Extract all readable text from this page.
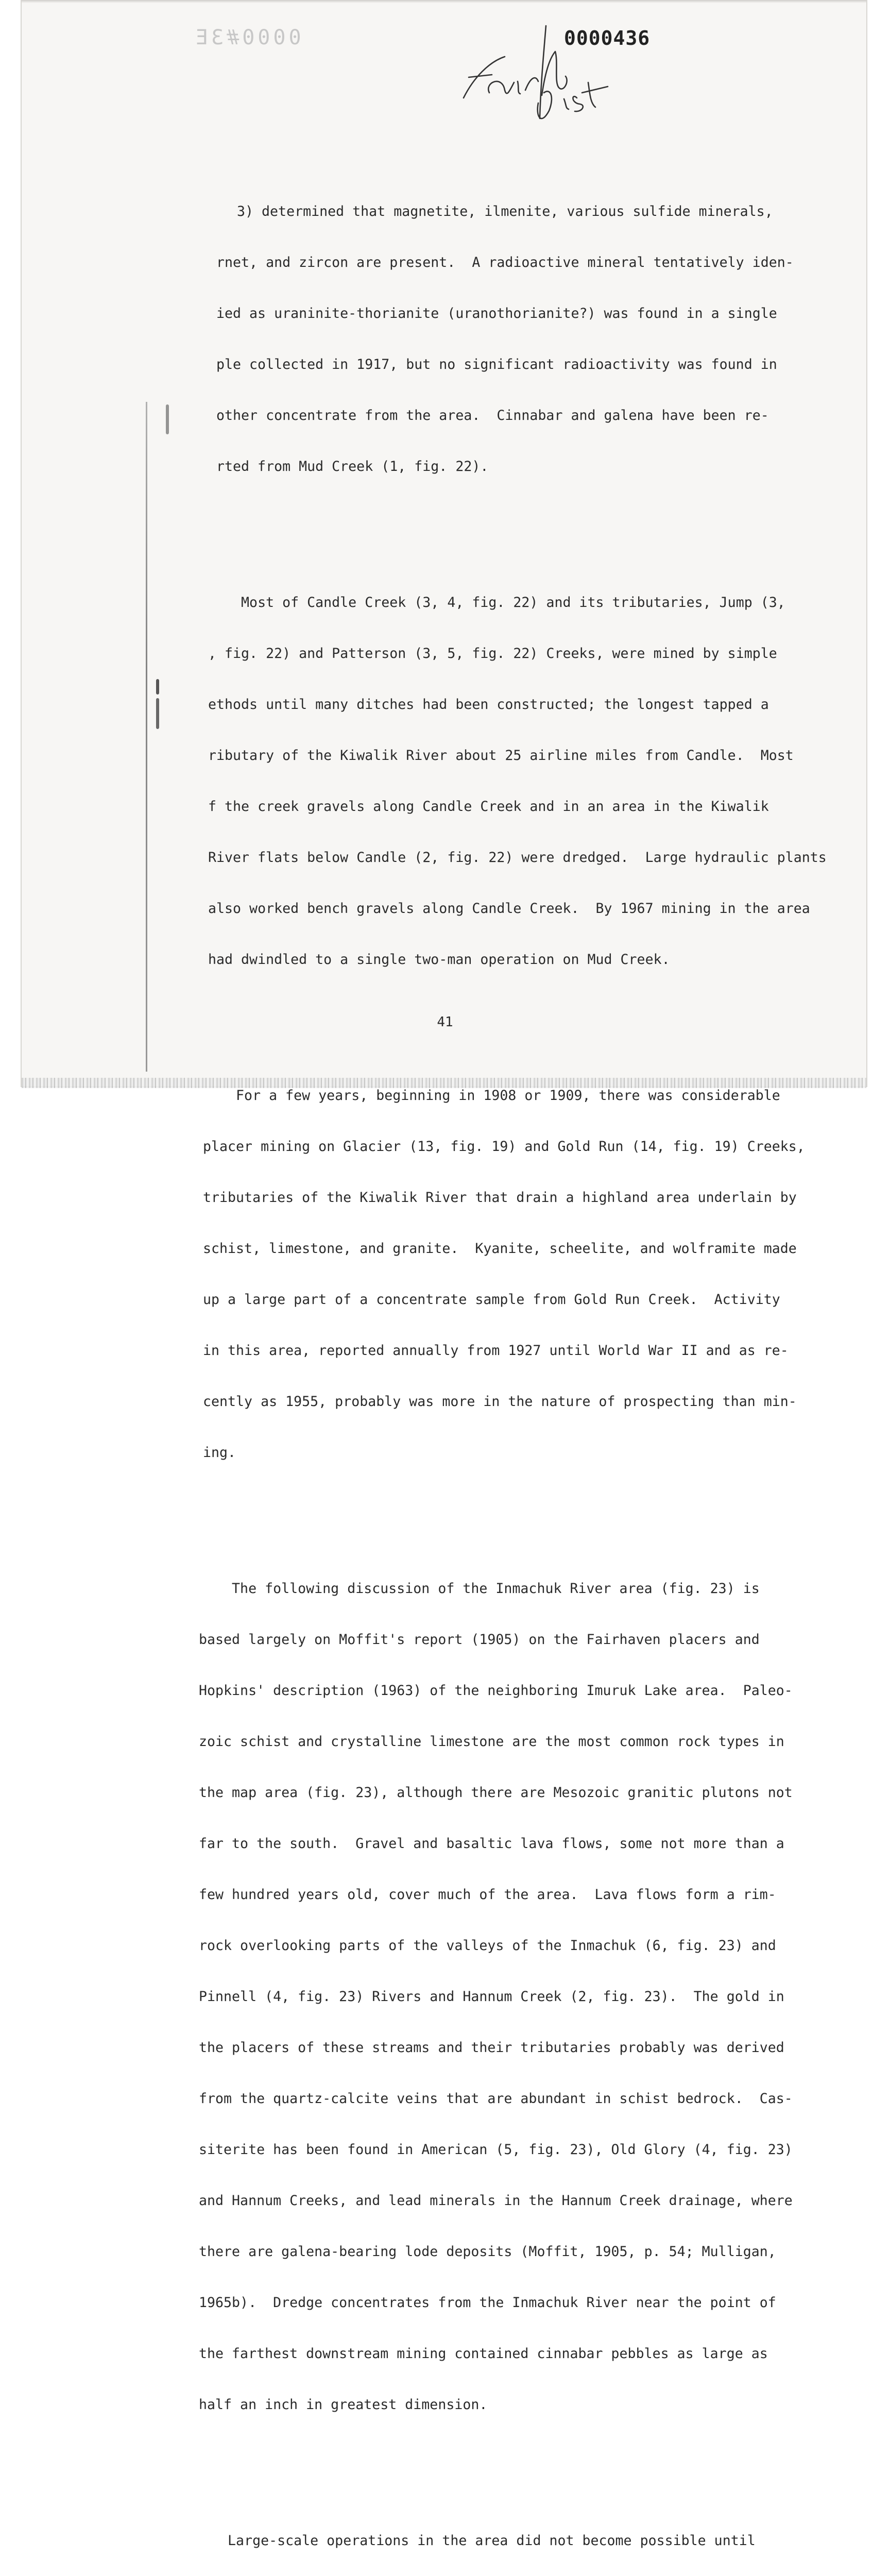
0000#3E	0000436

3) determined that magnetite, ilmenite, various sulfide minerals,

rnet, and zircon are present.  A radioactive mineral tentatively iden-

ied as uraninite-thorianite (uranothorianite?) was found in a single

ple collected in 1917, but no significant radioactivity was found in

other concentrate from the area.  Cinnabar and galena have been re-

rted from Mud Creek (1, fig. 22).

Most of Candle Creek (3, 4, fig. 22) and its tributaries, Jump (3,

, fig. 22) and Patterson (3, 5, fig. 22) Creeks, were mined by simple

ethods until many ditches had been constructed; the longest tapped a

ributary of the Kiwalik River about 25 airline miles from Candle.  Most

f the creek gravels along Candle Creek and in an area in the Kiwalik

River flats below Candle (2, fig. 22) were dredged.  Large hydraulic plants

also worked bench gravels along Candle Creek.  By 1967 mining in the area

had dwindled to a single two-man operation on Mud Creek.

For a few years, beginning in 1908 or 1909, there was considerable

placer mining on Glacier (13, fig. 19) and Gold Run (14, fig. 19) Creeks,

tributaries of the Kiwalik River that drain a highland area underlain by

schist, limestone, and granite.  Kyanite, scheelite, and wolframite made

up a large part of a concentrate sample from Gold Run Creek.  Activity

in this area, reported annually from 1927 until World War II and as re-

cently as 1955, probably was more in the nature of prospecting than min-

ing.

The following discussion of the Inmachuk River area (fig. 23) is

based largely on Moffit's report (1905) on the Fairhaven placers and

Hopkins' description (1963) of the neighboring Imuruk Lake area.  Paleo-

zoic schist and crystalline limestone are the most common rock types in

the map area (fig. 23), although there are Mesozoic granitic plutons not

far to the south.  Gravel and basaltic lava flows, some not more than a

few hundred years old, cover much of the area.  Lava flows form a rim-

rock overlooking parts of the valleys of the Inmachuk (6, fig. 23) and

Pinnell (4, fig. 23) Rivers and Hannum Creek (2, fig. 23).  The gold in

the placers of these streams and their tributaries probably was derived

from the quartz-calcite veins that are abundant in schist bedrock.  Cas-

siterite has been found in American (5, fig. 23), Old Glory (4, fig. 23)

and Hannum Creeks, and lead minerals in the Hannum Creek drainage, where

there are galena-bearing lode deposits (Moffit, 1905, p. 54; Mulligan,

1965b).  Dredge concentrates from the Inmachuk River near the point of

the farthest downstream mining contained cinnabar pebbles as large as

half an inch in greatest dimension.

Large-scale operations in the area did not become possible until

41
